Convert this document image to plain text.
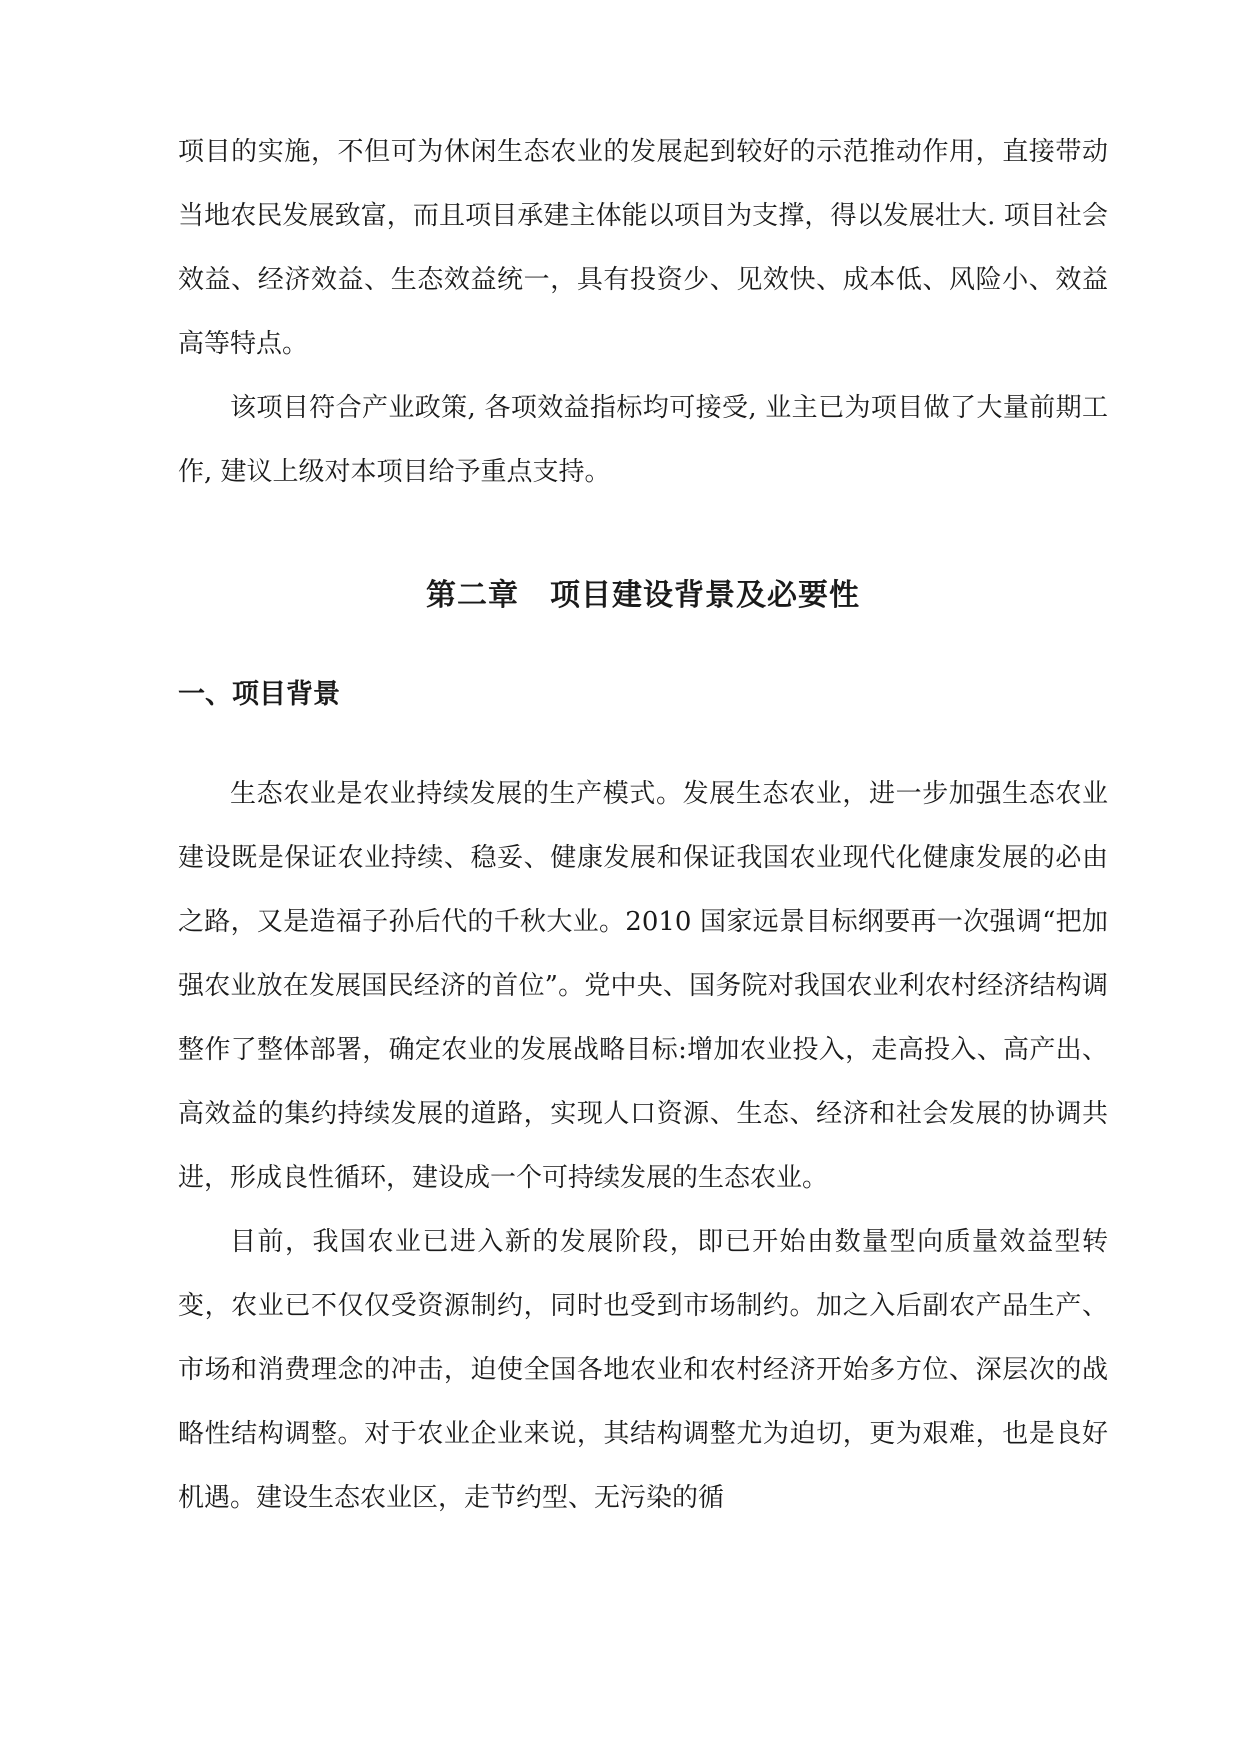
项目的实施，不但可为休闲生态农业的发展起到较好的示范推动作用，直接带动当地农民发展致富，而且项目承建主体能以项目为支撑，得以发展壮大. 项目社会效益、经济效益、生态效益统一，具有投资少、见效快、成本低、风险小、效益高等特点。

该项目符合产业政策, 各项效益指标均可接受, 业主已为项目做了大量前期工作, 建议上级对本项目给予重点支持。

第二章　项目建设背景及必要性
一、项目背景

生态农业是农业持续发展的生产模式。发展生态农业，进一步加强生态农业建设既是保证农业持续、稳妥、健康发展和保证我国农业现代化健康发展的必由之路，又是造福子孙后代的千秋大业。2010 国家远景目标纲要再一次强调“把加强农业放在发展国民经济的首位”。党中央、国务院对我国农业利农村经济结构调整作了整体部署，确定农业的发展战略目标:增加农业投入，走高投入、高产出、高效益的集约持续发展的道路，实现人口资源、生态、经济和社会发展的协调共进，形成良性循环，建设成一个可持续发展的生态农业。

目前，我国农业已进入新的发展阶段，即已开始由数量型向质量效益型转变，农业已不仅仅受资源制约，同时也受到市场制约。加之入后副农产品生产、市场和消费理念的冲击，迫使全国各地农业和农村经济开始多方位、深层次的战略性结构调整。对于农业企业来说，其结构调整尤为迫切，更为艰难，也是良好机遇。建设生态农业区，走节约型、无污染的循
